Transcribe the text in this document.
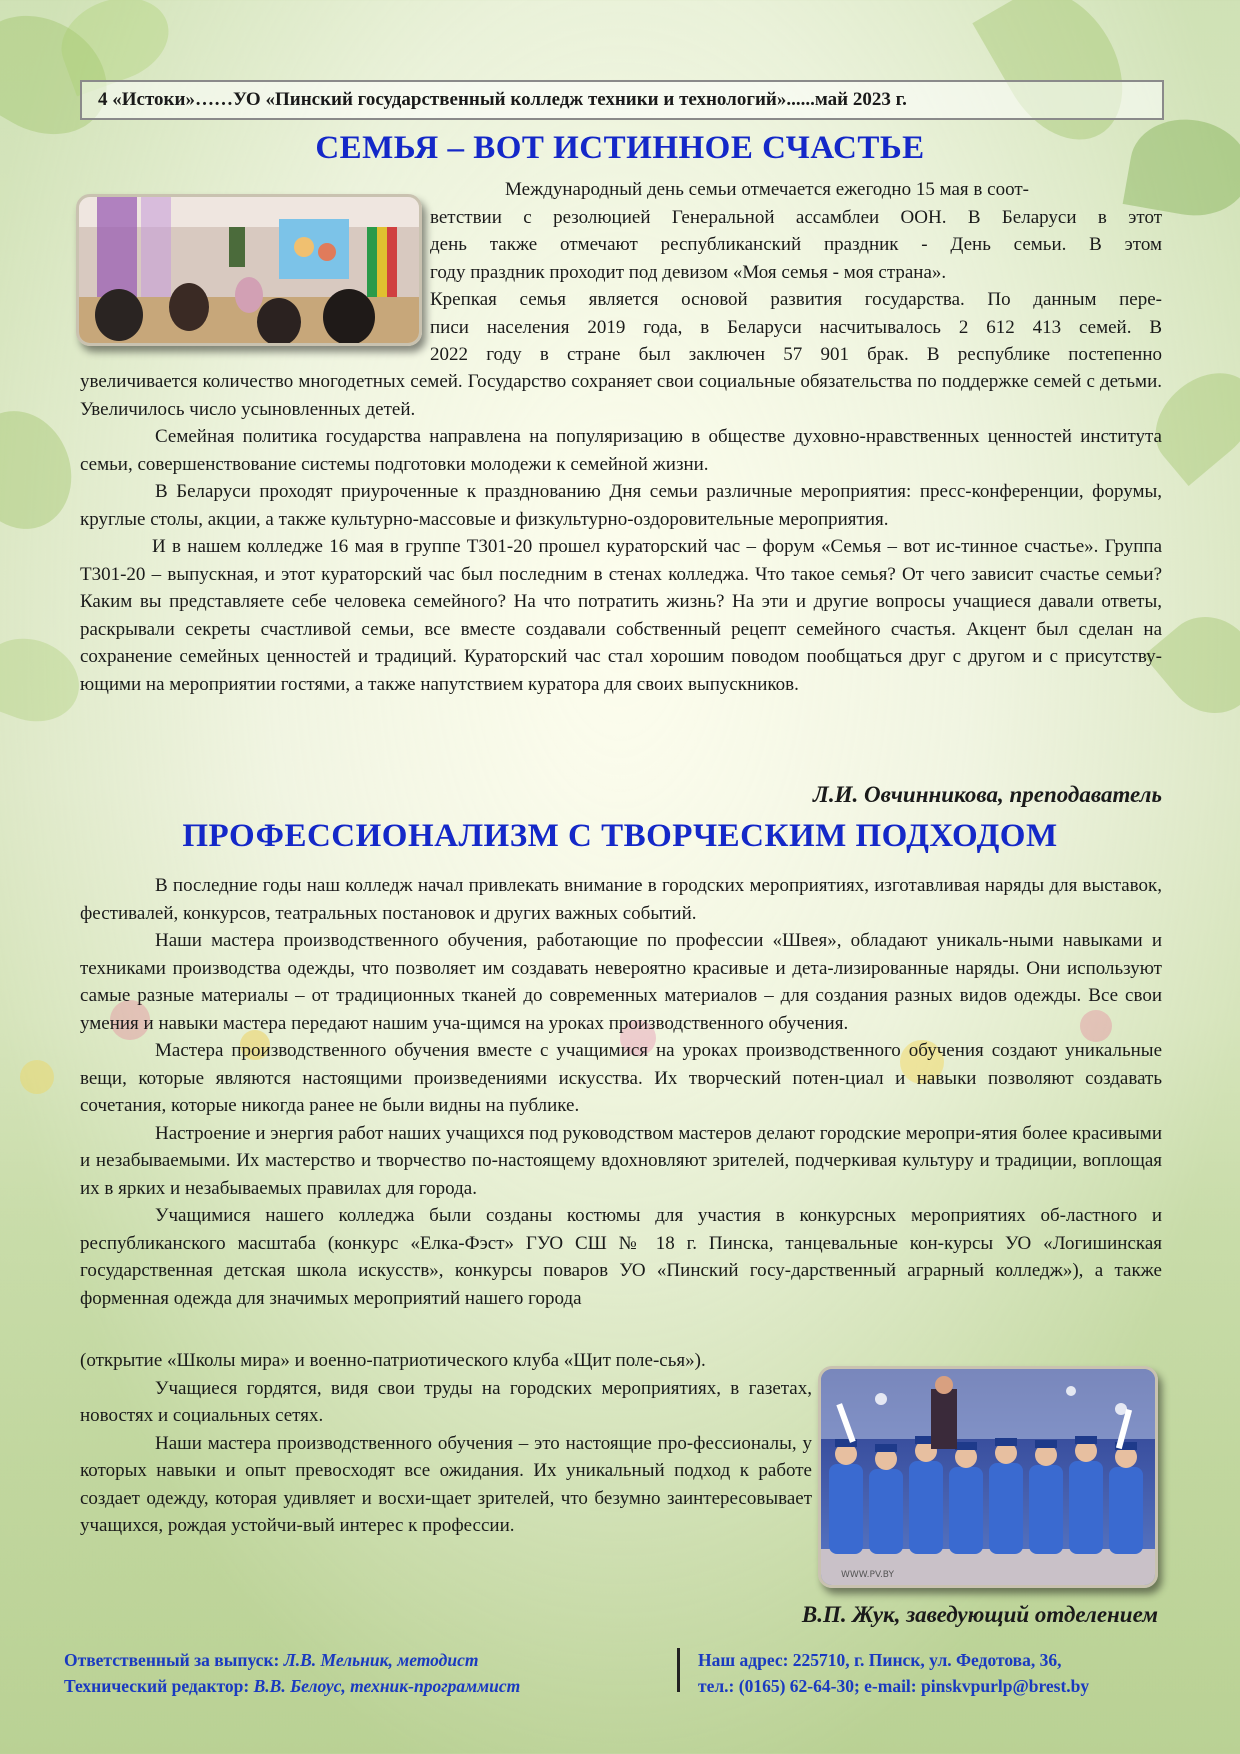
4 «Истоки»……УО «Пинский государственный колледж техники и технологий»......май 2023 г.
СЕМЬЯ – ВОТ ИСТИННОЕ СЧАСТЬЕ

Международный день семьи отмечается ежегодно 15 мая в соот-

ветствии с резолюцией Генеральной ассамблеи ООН. В Беларуси в этот

день также отмечают республиканский праздник - День семьи. В этом

году праздник проходит под девизом «Моя семья - моя страна».

Крепкая семья является основой развития государства. По данным пере-

писи населения 2019 года, в Беларуси насчитывалось 2 612 413 семей. В

2022 году в стране был заключен 57 901 брак. В республике постепенно

увеличивается количество многодетных семей. Государство сохраняет свои социальные обязательства по поддержке семей с детьми. Увеличилось число усыновленных детей.

Семейная политика государства направлена на популяризацию в обществе духовно-нравственных ценностей института семьи, совершенствование системы подготовки молодежи к семейной жизни.

В Беларуси проходят приуроченные к празднованию Дня семьи различные мероприятия: пресс-конференции, форумы, круглые столы, акции, а также культурно-массовые и физкультурно-оздоровительные мероприятия.

И в нашем колледже 16 мая в группе Т301-20 прошел кураторский час – форум «Семья – вот ис-тинное счастье». Группа Т301-20 – выпускная, и этот кураторский час был последним в стенах колледжа. Что такое семья? От чего зависит счастье семьи? Каким вы представляете себе человека семейного? На что потратить жизнь? На эти и другие вопросы учащиеся давали ответы, раскрывали секреты счастливой семьи, все вместе создавали собственный рецепт семейного счастья. Акцент был сделан на сохранение семейных ценностей и традиций. Кураторский час стал хорошим поводом пообщаться друг с другом и с присутству-ющими на мероприятии гостями, а также напутствием куратора для своих выпускников.

Л.И. Овчинникова, преподаватель
ПРОФЕССИОНАЛИЗМ С ТВОРЧЕСКИМ ПОДХОДОМ

В последние годы наш колледж начал привлекать внимание в городских мероприятиях, изготавливая наряды для выставок, фестивалей, конкурсов, театральных постановок и других важных событий.

Наши мастера производственного обучения, работающие по профессии «Швея», обладают уникаль-ными навыками и техниками производства одежды, что позволяет им создавать невероятно красивые и дета-лизированные наряды. Они используют самые разные материалы – от традиционных тканей до современных материалов – для создания разных видов одежды. Все свои умения и навыки мастера передают нашим уча-щимся на уроках производственного обучения.

Мастера производственного обучения вместе с учащимися на уроках производственного обучения создают уникальные вещи, которые являются настоящими произведениями искусства. Их творческий потен-циал и навыки позволяют создавать сочетания, которые никогда ранее не были видны на публике.

Настроение и энергия работ наших учащихся под руководством мастеров делают городские меропри-ятия более красивыми и незабываемыми. Их мастерство и творчество по-настоящему вдохновляют зрителей, подчеркивая культуру и традиции, воплощая их в ярких и незабываемых правилах для города.

Учащимися нашего колледжа были созданы костюмы для участия в конкурсных мероприятиях об-ластного и республиканского масштаба (конкурс «Елка-Фэст» ГУО СШ № 18 г. Пинска, танцевальные кон-курсы УО «Логишинская государственная детская школа искусств», конкурсы поваров УО «Пинский госу-дарственный аграрный колледж»), а также форменная одежда для значимых мероприятий нашего города

(открытие «Школы мира» и военно-патриотического клуба «Щит поле-сья»).

Учащиеся гордятся, видя свои труды на городских мероприятиях, в газетах, новостях и социальных сетях.

Наши мастера производственного обучения – это настоящие про-фессионалы, у которых навыки и опыт превосходят все ожидания. Их уникальный подход к работе создает одежду, которая удивляет и восхи-щает зрителей, что безумно заинтересовывает учащихся, рождая устойчи-вый интерес к профессии.

WWW.PV.BY
В.П. Жук, заведующий отделением
Ответственный за выпуск: Л.В. Мельник, методист
Технический редактор: В.В. Белоус, техник-программист
Наш адрес: 225710, г. Пинск, ул. Федотова, 36,
тел.: (0165) 62-64-30; e-mail: pinskvpurlp@brest.by
